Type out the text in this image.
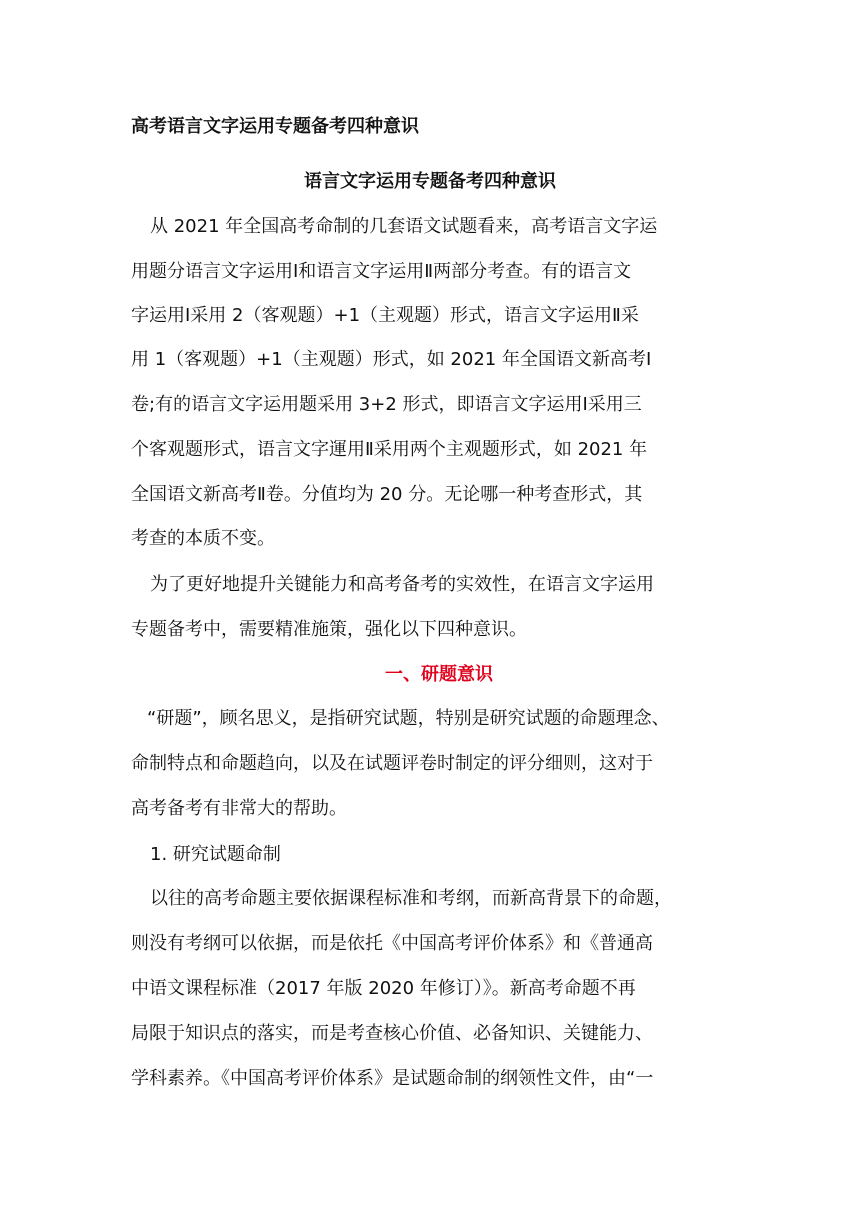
高考语言文字运用专题备考四种意识
语言文字运用专题备考四种意识
从 2021 年全国高考命制的几套语文试题看来，高考语言文字运
用题分语言文字运用Ⅰ和语言文字运用Ⅱ两部分考查。有的语言文
字运用Ⅰ采用 2（客观题）+1（主观题）形式，语言文字运用Ⅱ采
用 1（客观题）+1（主观题）形式，如 2021 年全国语文新高考Ⅰ
卷;有的语言文字运用题采用 3+2 形式，即语言文字运用Ⅰ采用三
个客观题形式，语言文字運用Ⅱ采用两个主观题形式，如 2021 年
全国语文新高考Ⅱ卷。分值均为 20 分。无论哪一种考查形式，其
考查的本质不变。
为了更好地提升关键能力和高考备考的实效性，在语言文字运用
专题备考中，需要精准施策，强化以下四种意识。
一、研题意识
“研题”，顾名思义，是指研究试题，特别是研究试题的命题理念、
命制特点和命题趋向，以及在试题评卷时制定的评分细则，这对于
高考备考有非常大的帮助。
1. 研究试题命制
以往的高考命题主要依据课程标准和考纲，而新高背景下的命题，
则没有考纲可以依据，而是依托《中国高考评价体系》和《普通高
中语文课程标准（2017 年版 2020 年修订）》。新高考命题不再
局限于知识点的落实，而是考查核心价值、必备知识、关键能力、
学科素养。《中国高考评价体系》是试题命制的纲领性文件，由“一
